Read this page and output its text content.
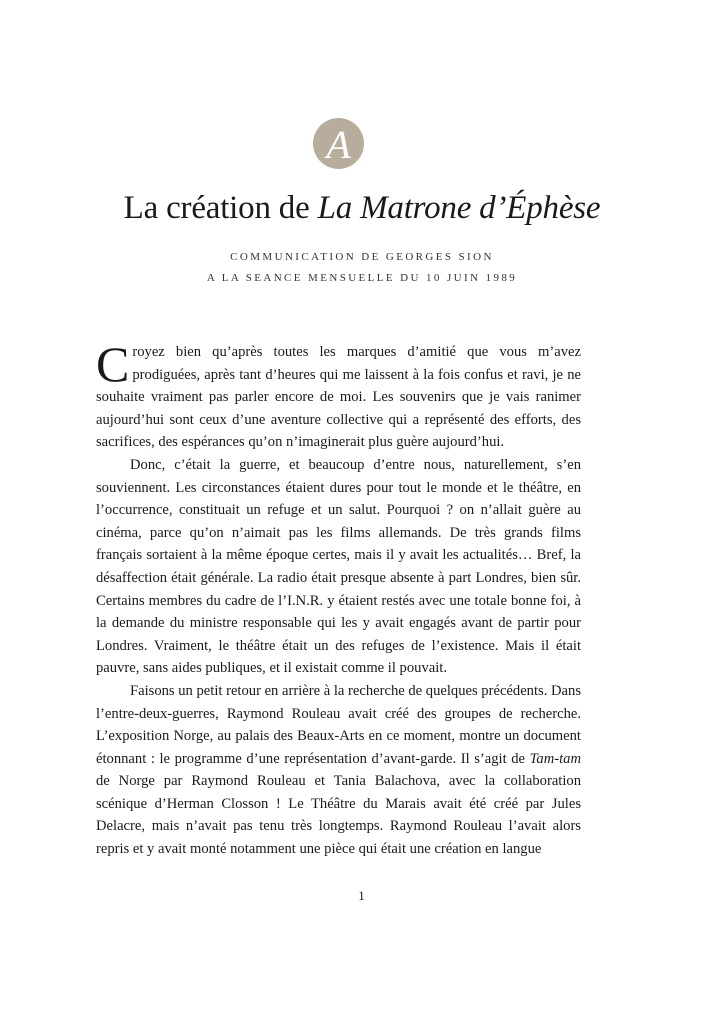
A
La création de La Matrone d’Éphèse
COMMUNICATION DE GEORGES SION
A LA SEANCE MENSUELLE DU 10 JUIN 1989

Croyez bien qu’après toutes les marques d’amitié que vous m’avez prodiguées, après tant d’heures qui me laissent à la fois confus et ravi, je ne souhaite vraiment pas parler encore de moi. Les souvenirs que je vais ranimer aujourd’hui sont ceux d’une aventure collective qui a représenté des efforts, des sacrifices, des espérances qu’on n’imaginerait plus guère aujourd’hui.

Donc, c’était la guerre, et beaucoup d’entre nous, naturellement, s’en souviennent. Les circonstances étaient dures pour tout le monde et le théâtre, en l’occurrence, constituait un refuge et un salut. Pourquoi ? on n’allait guère au cinéma, parce qu’on n’aimait pas les films allemands. De très grands films français sortaient à la même époque certes, mais il y avait les actualités… Bref, la désaffection était générale. La radio était presque absente à part Londres, bien sûr. Certains membres du cadre de l’I.N.R. y étaient restés avec une totale bonne foi, à la demande du ministre responsable qui les y avait engagés avant de partir pour Londres. Vraiment, le théâtre était un des refuges de l’existence. Mais il était pauvre, sans aides publiques, et il existait comme il pouvait.

Faisons un petit retour en arrière à la recherche de quelques précédents. Dans l’entre-deux-guerres, Raymond Rouleau avait créé des groupes de recherche. L’exposition Norge, au palais des Beaux-Arts en ce moment, montre un document étonnant : le programme d’une représentation d’avant-garde. Il s’agit de Tam-tam de Norge par Raymond Rouleau et Tania Balachova, avec la collaboration scénique d’Herman Closson ! Le Théâtre du Marais avait été créé par Jules Delacre, mais n’avait pas tenu très longtemps. Raymond Rouleau l’avait alors repris et y avait monté notamment une pièce qui était une création en langue

1
